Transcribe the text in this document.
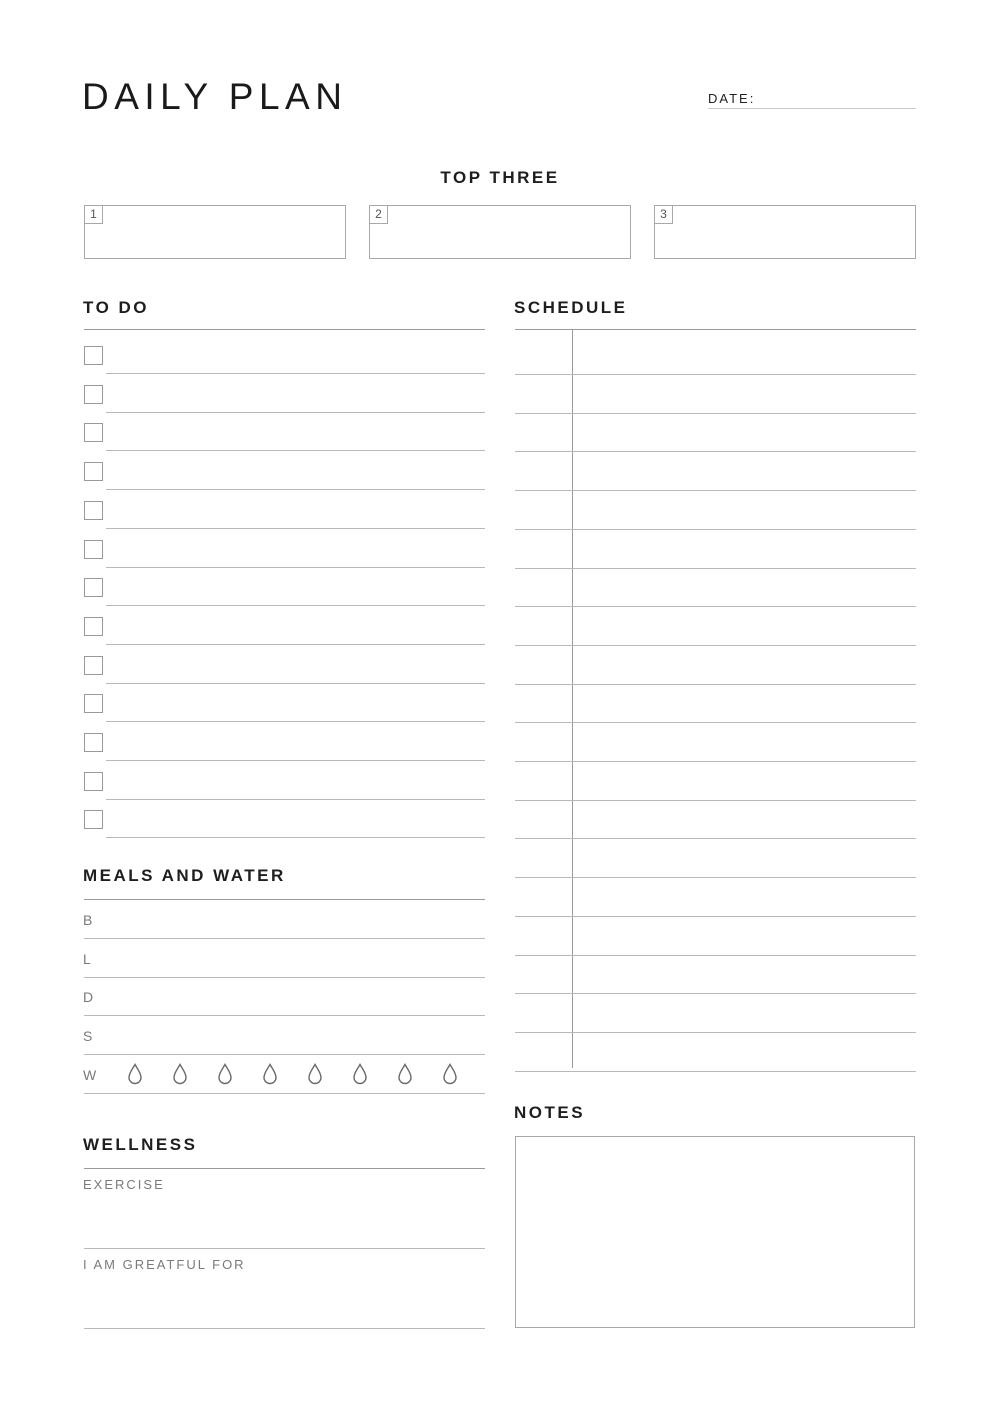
DAILY PLAN	DATE:
TOP THREE
1	2	3
TO DO	SCHEDULE
MEALS AND WATER
B
L
D
S
W
WELLNESS
EXERCISE
I AM GREATFUL FOR
NOTES
